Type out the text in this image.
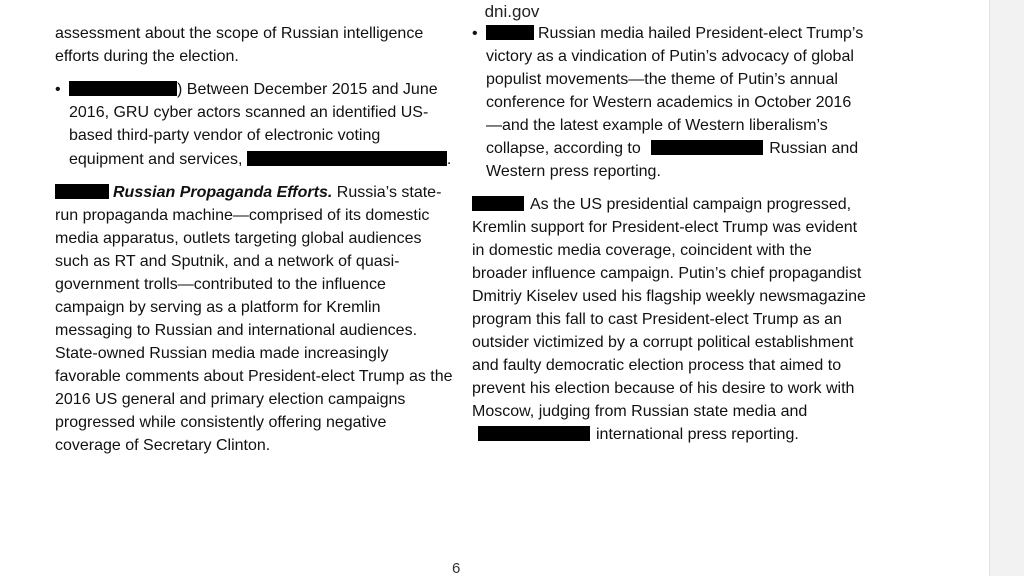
dni.gov

assessment about the scope of Russian intelligence efforts during the election.

•	) Between December 2015 and June 2016, GRU cyber actors scanned an identified US-based third-party vendor of electronic voting equipment and services,	.

Russian Propaganda Efforts. Russia’s state-run propaganda machine—comprised of its domestic media apparatus, outlets targeting global audiences such as RT and Sputnik, and a network of quasi-government trolls—contributed to the influence campaign by serving as a platform for Kremlin messaging to Russian and international audiences. State-owned Russian media made increasingly favorable comments about President-elect Trump as the 2016 US general and primary election campaigns progressed while consistently offering negative coverage of Secretary Clinton.

•	Russian media hailed President-elect Trump’s victory as a vindication of Putin’s advocacy of global populist movements—the theme of Putin’s annual conference for Western academics in October 2016—and the latest example of Western liberalism’s collapse, according to	Russian and Western press reporting.

As the US presidential campaign progressed, Kremlin support for President-elect Trump was evident in domestic media coverage, coincident with the broader influence campaign. Putin’s chief propagandist Dmitriy Kiselev used his flagship weekly newsmagazine program this fall to cast President-elect Trump as an outsider victimized by a corrupt political establishment and faulty democratic election process that aimed to prevent his election because of his desire to work with Moscow, judging from Russian state media and international press reporting.

6
